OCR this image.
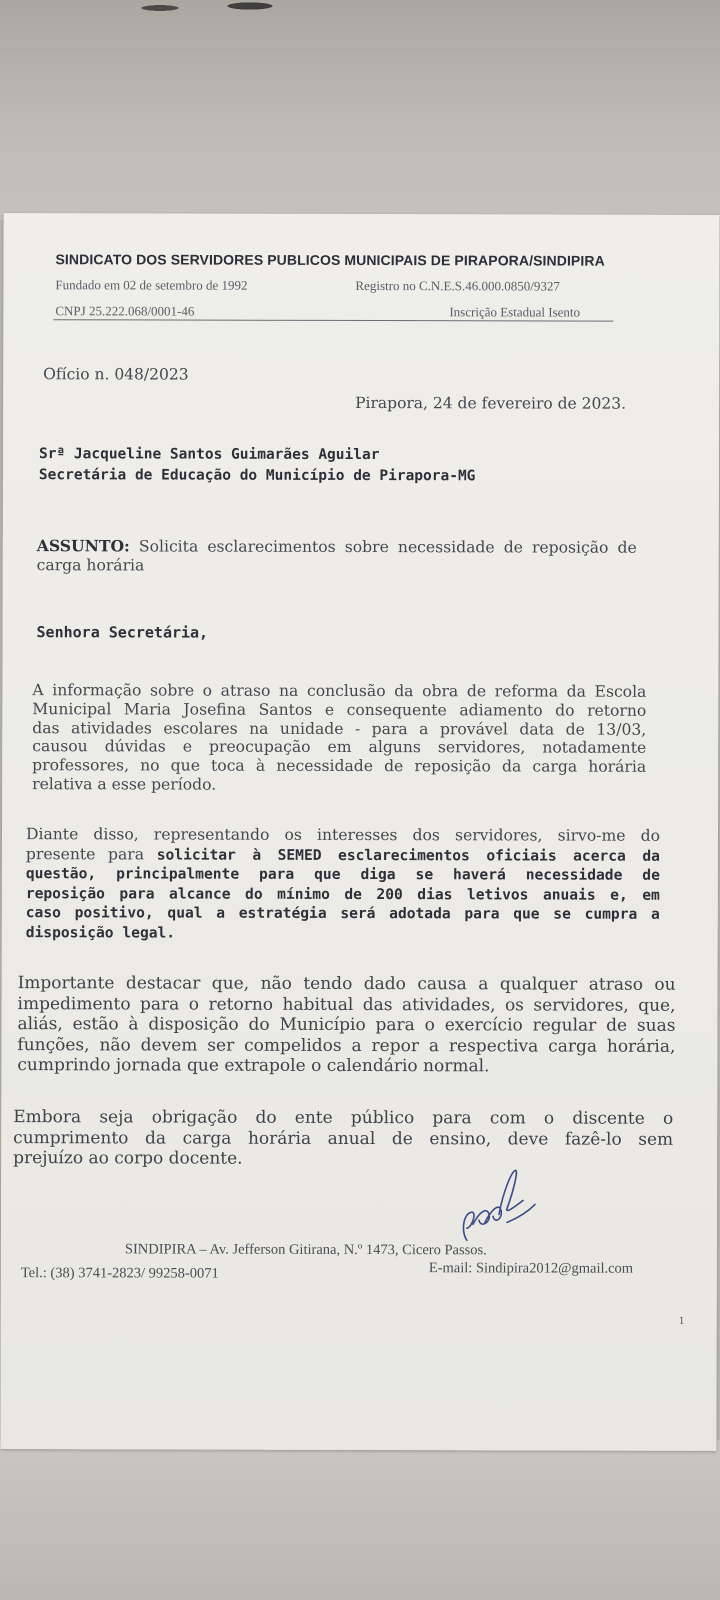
SINDICATO DOS SERVIDORES PUBLICOS MUNICIPAIS DE PIRAPORA/SINDIPIRA
Fundado em 02 de setembro de 1992	Registro no C.N.E.S.46.000.0850/9327
CNPJ 25.222.068/0001-46	Inscrição Estadual Isento
Ofício n. 048/2023
Pirapora, 24 de fevereiro de 2023.
Srª Jacqueline Santos Guimarães Aguilar
Secretária de Educação do Município de Pirapora-MG
ASSUNTO: Solicita esclarecimentos sobre necessidade de reposição de
carga horária
Senhora Secretária,
A informação sobre o atraso na conclusão da obra de reforma da Escola
Municipal Maria Josefina Santos e consequente adiamento do retorno
das atividades escolares na unidade - para a provável data de 13/03,
causou dúvidas e preocupação em alguns servidores, notadamente
professores, no que toca à necessidade de reposição da carga horária
relativa a esse período.
Diante disso, representando os interesses dos servidores, sirvo-me do
presente para solicitar à SEMED esclarecimentos oficiais acerca da
questão, principalmente para que diga se haverá necessidade de
reposição para alcance do mínimo de 200 dias letivos anuais e, em
caso positivo, qual a estratégia será adotada para que se cumpra a
disposição legal.
Importante destacar que, não tendo dado causa a qualquer atraso ou
impedimento para o retorno habitual das atividades, os servidores, que,
aliás, estão à disposição do Município para o exercício regular de suas
funções, não devem ser compelidos a repor a respectiva carga horária,
cumprindo jornada que extrapole o calendário normal.
Embora seja obrigação do ente público para com o discente o
cumprimento da carga horária anual de ensino, deve fazê-lo sem
prejuízo ao corpo docente.
SINDIPIRA – Av. Jefferson Gitirana, N.º 1473, Cicero Passos.
Tel.: (38) 3741-2823/ 99258-0071	E-mail: Sindipira2012@gmail.com
1
